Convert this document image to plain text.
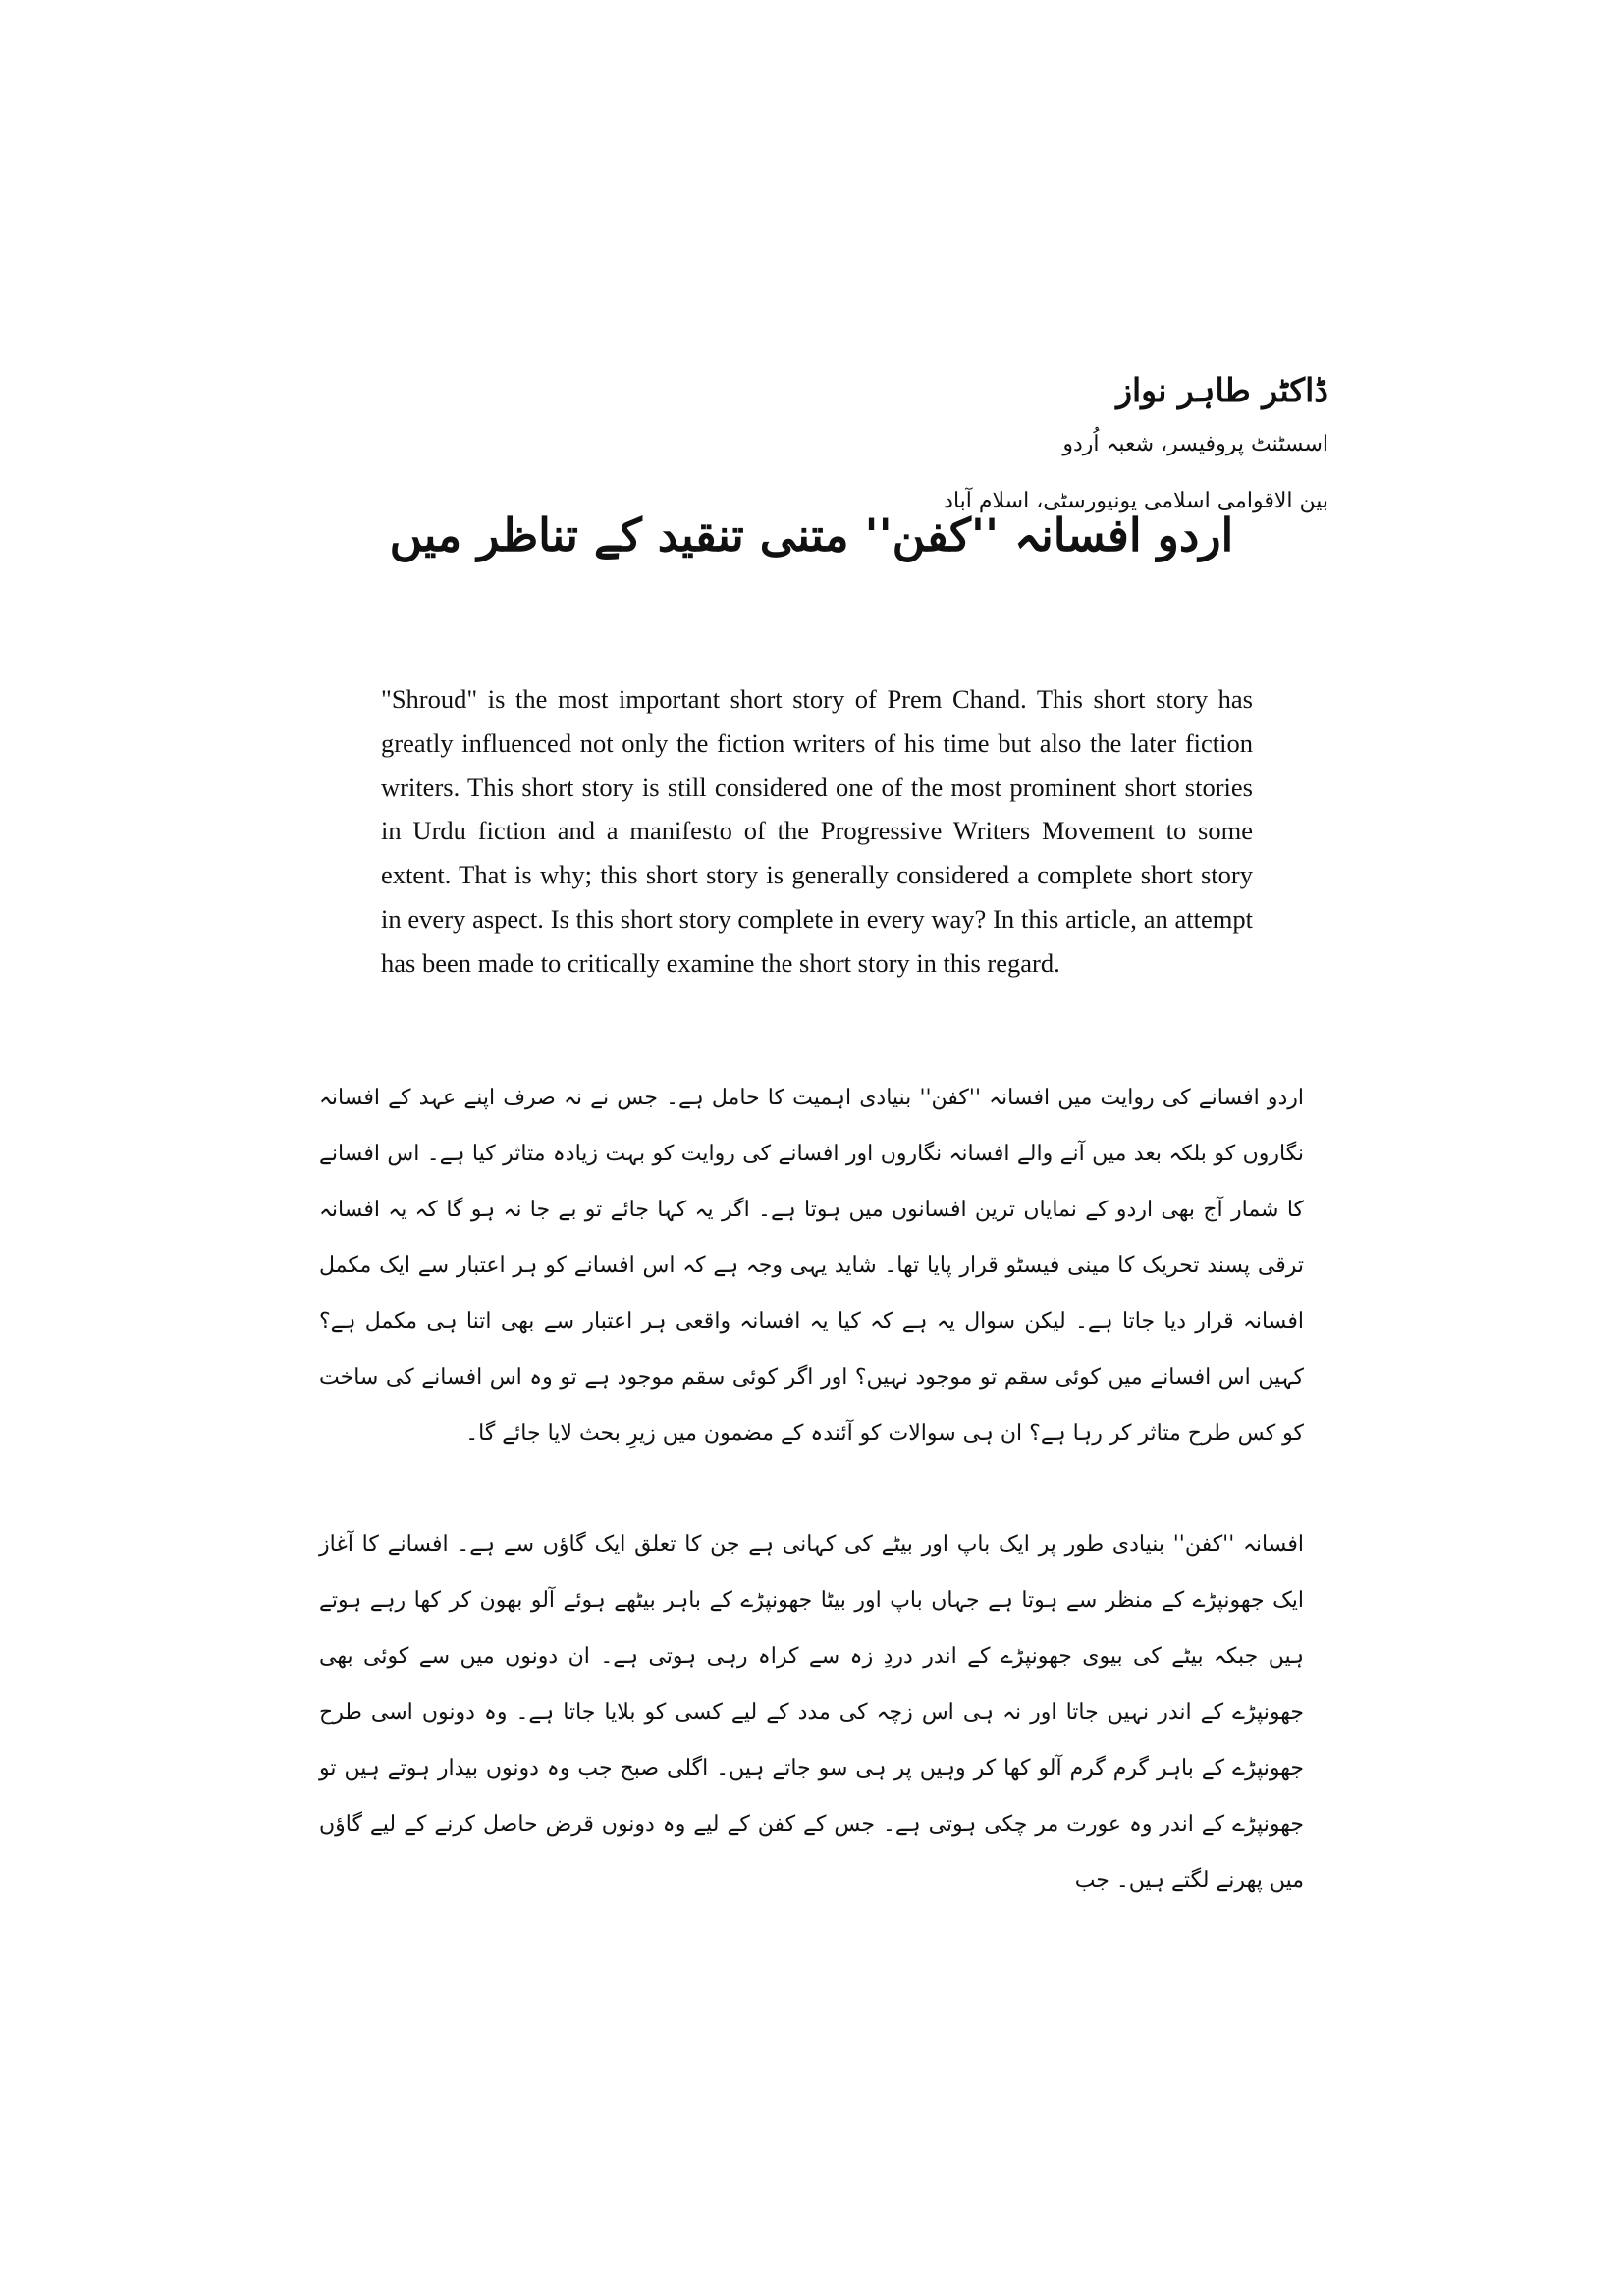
ڈاکٹر طاہر نواز
اسسٹنٹ پروفیسر، شعبہ اُردو
بین الاقوامی اسلامی یونیورسٹی، اسلام آباد
اردو افسانہ ''کفن'' متنی تنقید کے تناظر میں

"Shroud" is the most important short story of Prem Chand. This short story has greatly influenced not only the fiction writers of his time but also the later fiction writers. This short story is still considered one of the most prominent short stories in Urdu fiction and a manifesto of the Progressive Writers Movement to some extent. That is why; this short story is generally considered a complete short story in every aspect. Is this short story complete in every way? In this article, an attempt has been made to critically examine the short story in this regard.

اردو افسانے کی روایت میں افسانہ ''کفن'' بنیادی اہمیت کا حامل ہے۔ جس نے نہ صرف اپنے عہد کے افسانہ نگاروں کو بلکہ بعد میں آنے والے افسانہ نگاروں اور افسانے کی روایت کو بہت زیادہ متاثر کیا ہے۔ اس افسانے کا شمار آج بھی اردو کے نمایاں ترین افسانوں میں ہوتا ہے۔ اگر یہ کہا جائے تو بے جا نہ ہو گا کہ یہ افسانہ ترقی پسند تحریک کا مینی فیسٹو قرار پایا تھا۔ شاید یہی وجہ ہے کہ اس افسانے کو ہر اعتبار سے ایک مکمل افسانہ قرار دیا جاتا ہے۔ لیکن سوال یہ ہے کہ کیا یہ افسانہ واقعی ہر اعتبار سے بھی اتنا ہی مکمل ہے؟ کہیں اس افسانے میں کوئی سقم تو موجود نہیں؟ اور اگر کوئی سقم موجود ہے تو وہ اس افسانے کی ساخت کو کس طرح متاثر کر رہا ہے؟ ان ہی سوالات کو آئندہ کے مضمون میں زیرِ بحث لایا جائے گا۔

افسانہ ''کفن'' بنیادی طور پر ایک باپ اور بیٹے کی کہانی ہے جن کا تعلق ایک گاؤں سے ہے۔ افسانے کا آغاز ایک جھونپڑے کے منظر سے ہوتا ہے جہاں باپ اور بیٹا جھونپڑے کے باہر بیٹھے ہوئے آلو بھون کر کھا رہے ہوتے ہیں جبکہ بیٹے کی بیوی جھونپڑے کے اندر دردِ زہ سے کراہ رہی ہوتی ہے۔ ان دونوں میں سے کوئی بھی جھونپڑے کے اندر نہیں جاتا اور نہ ہی اس زچہ کی مدد کے لیے کسی کو بلایا جاتا ہے۔ وہ دونوں اسی طرح جھونپڑے کے باہر گرم گرم آلو کھا کر وہیں پر ہی سو جاتے ہیں۔ اگلی صبح جب وہ دونوں بیدار ہوتے ہیں تو جھونپڑے کے اندر وہ عورت مر چکی ہوتی ہے۔ جس کے کفن کے لیے وہ دونوں قرض حاصل کرنے کے لیے گاؤں میں پھرنے لگتے ہیں۔ جب
